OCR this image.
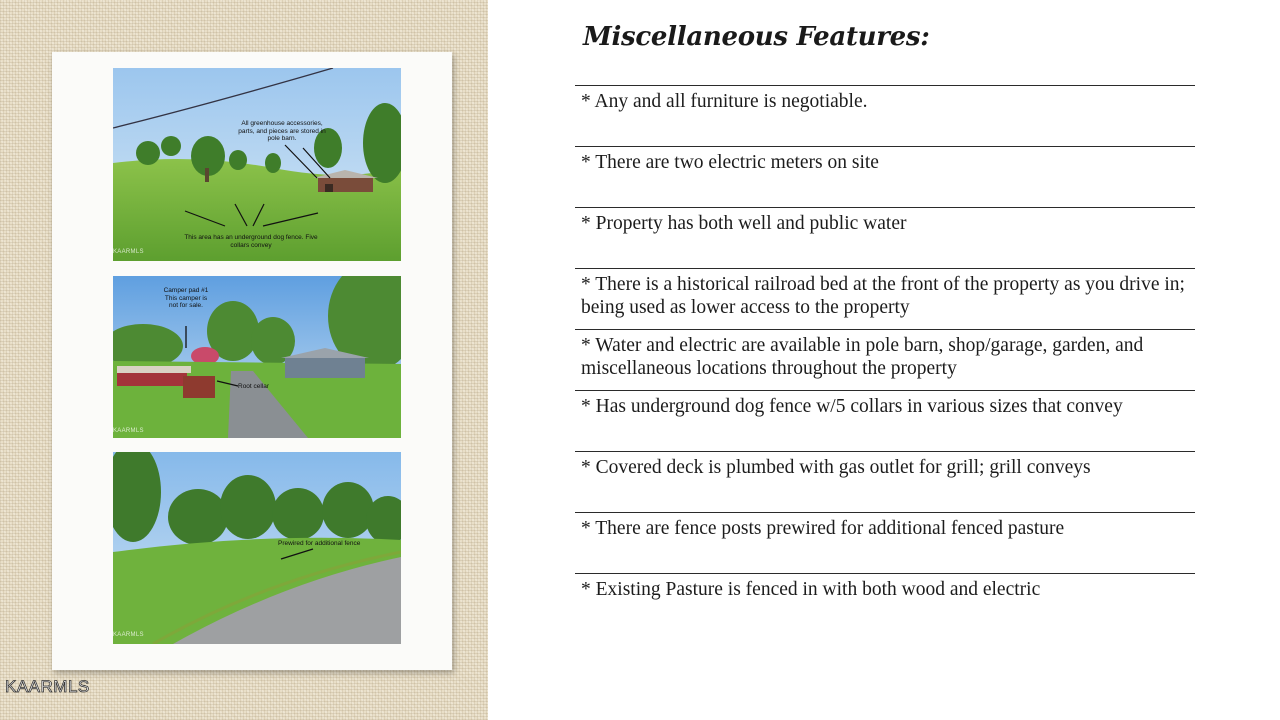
All greenhouse accessories, parts, and pieces are stored in pole barn.
This area has an underground dog fence. Five collars convey
KAARMLS
Camper pad #1 This camper is not for sale.
Root cellar
KAARMLS
Prewired for additional fence
KAARMLS
KAARMLS
Miscellaneous Features:
* Any and all furniture is negotiable.
* There are two electric meters on site
* Property has both well and public water
* There is a historical railroad bed at the front of the property as you drive in; being used as lower access to the property
* Water and electric are available in pole barn, shop/garage, garden, and miscellaneous locations throughout the property
* Has underground dog fence w/5 collars in various sizes that convey
* Covered deck is plumbed with gas outlet for grill; grill conveys
* There are fence posts prewired for additional fenced pasture
* Existing Pasture is fenced in with both wood and electric
